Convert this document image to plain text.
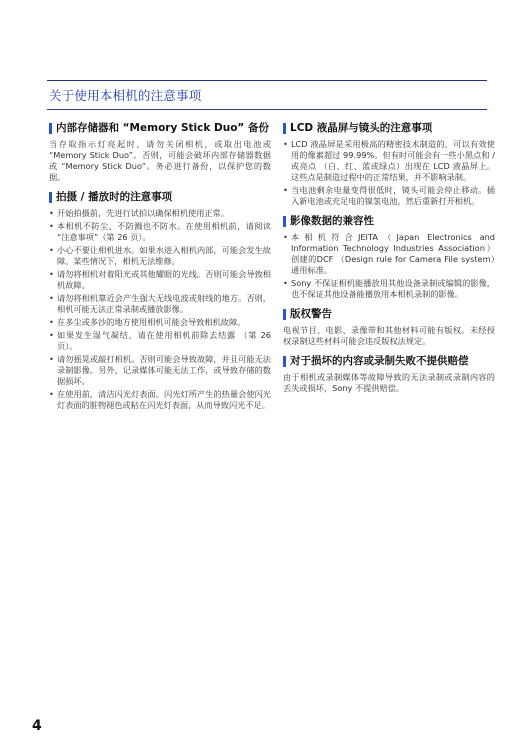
关于使用本相机的注意事项
内部存储器和 “Memory Stick Duo” 备份
当存取指示灯亮起时，请勿关闭相机，或取出电池或 “Memory Stick Duo”。否则，可能会破坏内部存储器数据或 “Memory Stick Duo”。务必进行备份，以保护您的数据。
拍摄 / 播放时的注意事项
• 开始拍摄前，先进行试拍以确保相机使用正常。
• 本相机不防尘、不防溅也不防水。在使用相机前，请阅读 “注意事项”（第 26 页）。
• 小心不要让相机进水。如果水进入相机内部，可能会发生故障。某些情况下，相机无法维修。
• 请勿将相机对着阳光或其他耀眼的光线。否则可能会导致相机故障。
• 请勿将相机靠近会产生强大无线电波或射线的地方。否则，相机可能无法正常录制或播放影像。
• 在多尘或多沙的地方使用相机可能会导致相机故障。
• 如果发生湿气凝结，请在使用相机前除去结露 （第 26 页）。
• 请勿摇晃或敲打相机。否则可能会导致故障，并且可能无法录制影像。另外，记录媒体可能无法工作，或导致存储的数据损坏。
• 在使用前，清洁闪光灯表面。闪光灯所产生的热量会使闪光灯表面的脏物褪色或粘在闪光灯表面，从而导致闪光不足。
LCD 液晶屏与镜头的注意事项
• LCD 液晶屏是采用极高的精密技术制造的，可以有效使用的像素超过 99.99%。但有时可能会有一些小黑点和 / 或亮点 （白、红、蓝或绿点）出现在 LCD 液晶屏上。这些点是制造过程中的正常结果，并不影响录制。
• 当电池剩余电量变得很低时，镜头可能会停止移动。插入新电池或充足电的镍氢电池，然后重新打开相机。
影像数据的兼容性
• 本相机符合JEITA（Japan Electronics and Information Technology Industries Association）创建的DCF （Design rule for Camera File system）通用标准。
• Sony 不保证相机能播放用其他设备录制或编辑的影像，也不保证其他设备能播放用本相机录制的影像。
版权警告
电视节目、电影、录像带和其他材料可能有版权。未经授权录制这些材料可能会违反版权法规定。
对于损坏的内容或录制失败不提供赔偿
由于相机或录制媒体等故障导致的无法录制或录制内容的丢失或损坏，Sony 不提供赔偿。
4
